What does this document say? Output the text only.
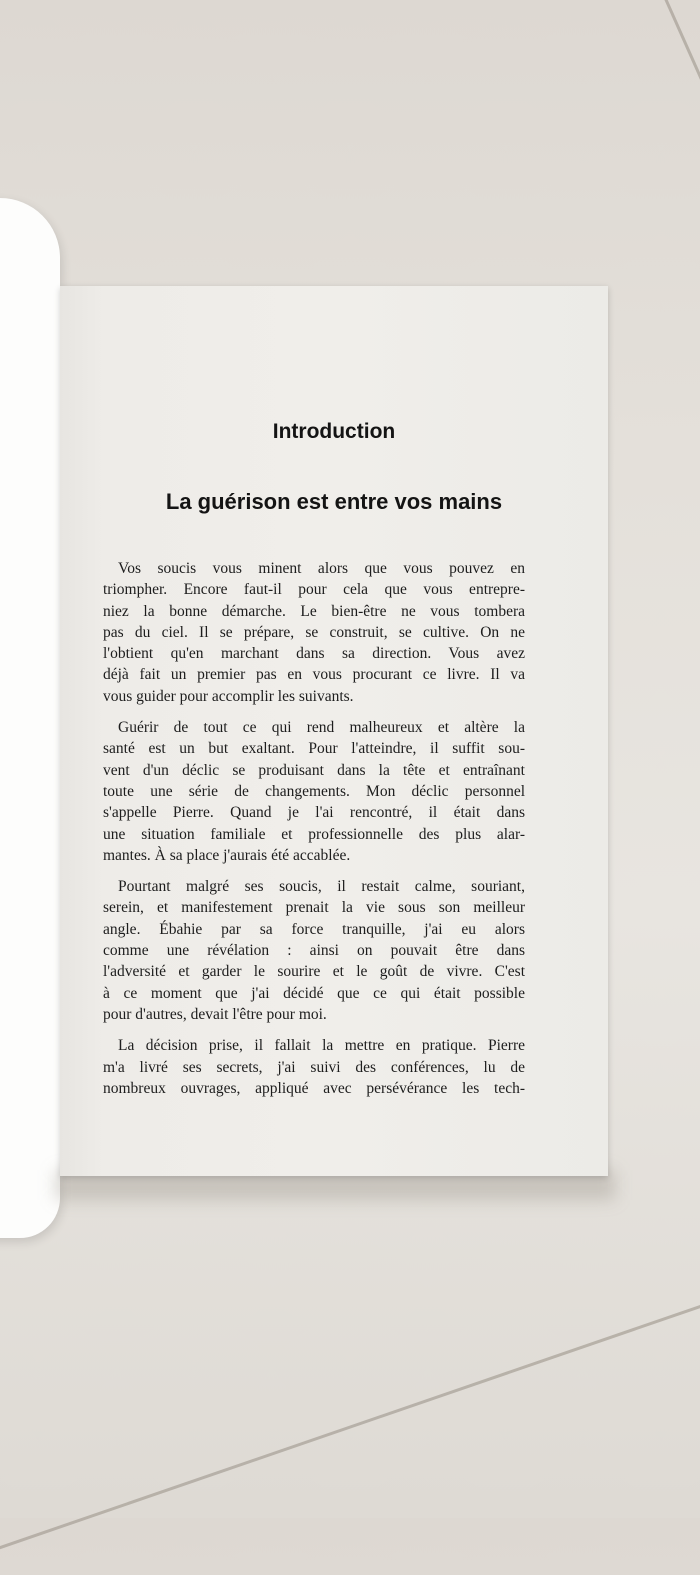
Introduction
La guérison est entre vos mains

Vos soucis vous minent alors que vous pouvez en
triompher. Encore faut-il pour cela que vous entrepre-
niez la bonne démarche. Le bien-être ne vous tombera
pas du ciel. Il se prépare, se construit, se cultive. On ne
l'obtient qu'en marchant dans sa direction. Vous avez
déjà fait un premier pas en vous procurant ce livre. Il va
vous guider pour accomplir les suivants.

Guérir de tout ce qui rend malheureux et altère la
santé est un but exaltant. Pour l'atteindre, il suffit sou-
vent d'un déclic se produisant dans la tête et entraînant
toute une série de changements. Mon déclic personnel
s'appelle Pierre. Quand je l'ai rencontré, il était dans
une situation familiale et professionnelle des plus alar-
mantes. À sa place j'aurais été accablée.

Pourtant malgré ses soucis, il restait calme, souriant,
serein, et manifestement prenait la vie sous son meilleur
angle. Ébahie par sa force tranquille, j'ai eu alors
comme une révélation : ainsi on pouvait être dans
l'adversité et garder le sourire et le goût de vivre. C'est
à ce moment que j'ai décidé que ce qui était possible
pour d'autres, devait l'être pour moi.

La décision prise, il fallait la mettre en pratique. Pierre
m'a livré ses secrets, j'ai suivi des conférences, lu de
nombreux ouvrages, appliqué avec persévérance les tech-
